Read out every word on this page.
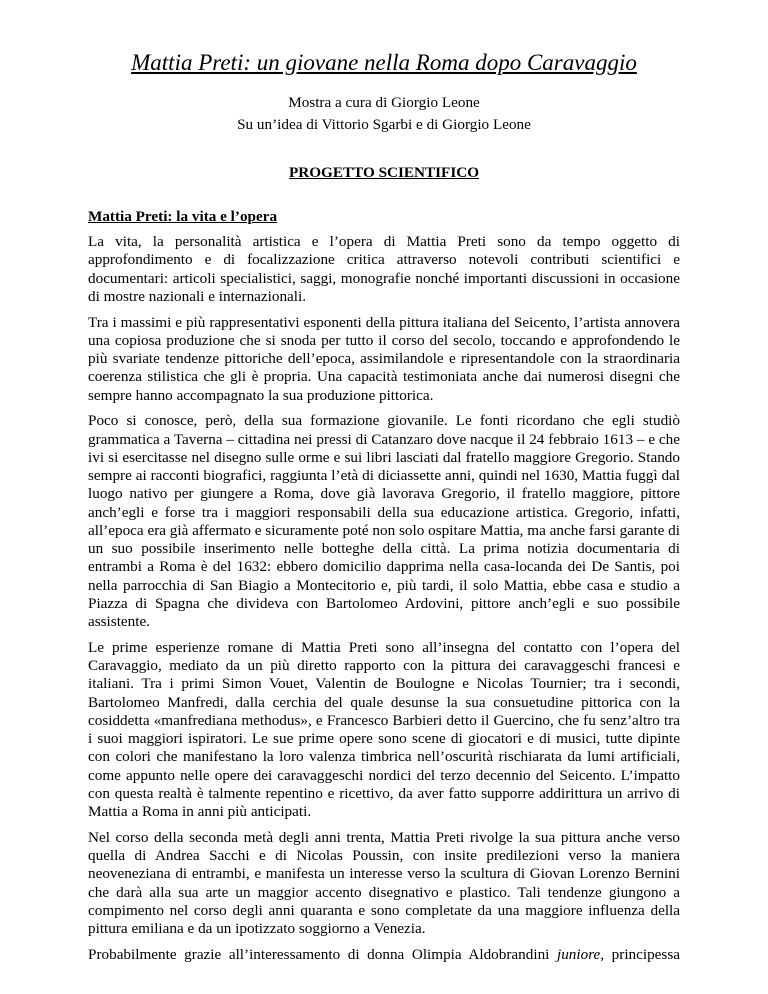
Mattia Preti: un giovane nella Roma dopo Caravaggio
Mostra a cura di Giorgio Leone
Su un’idea di Vittorio Sgarbi e di Giorgio Leone
PROGETTO SCIENTIFICO
Mattia Preti: la vita e l’opera

La vita, la personalità artistica e l’opera di Mattia Preti sono da tempo oggetto di approfondimento e di focalizzazione critica attraverso notevoli contributi scientifici e documentari: articoli specialistici, saggi, monografie nonché importanti discussioni in occasione di mostre nazionali e internazionali.

Tra i massimi e più rappresentativi esponenti della pittura italiana del Seicento, l’artista annovera una copiosa produzione che si snoda per tutto il corso del secolo, toccando e approfondendo le più svariate tendenze pittoriche dell’epoca, assimilandole e ripresentandole con la straordinaria coerenza stilistica che gli è propria. Una capacità testimoniata anche dai numerosi disegni che sempre hanno accompagnato la sua produzione pittorica.

Poco si conosce, però, della sua formazione giovanile. Le fonti ricordano che egli studiò grammatica a Taverna – cittadina nei pressi di Catanzaro dove nacque il 24 febbraio 1613 – e che ivi si esercitasse nel disegno sulle orme e sui libri lasciati dal fratello maggiore Gregorio. Stando sempre ai racconti biografici, raggiunta l’età di diciassette anni, quindi nel 1630, Mattia fuggì dal luogo nativo per giungere a Roma, dove già lavorava Gregorio, il fratello maggiore, pittore anch’egli e forse tra i maggiori responsabili della sua educazione artistica. Gregorio, infatti, all’epoca era già affermato e sicuramente poté non solo ospitare Mattia, ma anche farsi garante di un suo possibile inserimento nelle botteghe della città. La prima notizia documentaria di entrambi a Roma è del 1632: ebbero domicilio dapprima nella casa-locanda dei De Santis, poi nella parrocchia di San Biagio a Montecitorio e, più tardi, il solo Mattia, ebbe casa e studio a Piazza di Spagna che divideva con Bartolomeo Ardovini, pittore anch’egli e suo possibile assistente.

Le prime esperienze romane di Mattia Preti sono all’insegna del contatto con l’opera del Caravaggio, mediato da un più diretto rapporto con la pittura dei caravaggeschi francesi e italiani. Tra i primi Simon Vouet, Valentin de Boulogne e Nicolas Tournier; tra i secondi, Bartolomeo Manfredi, dalla cerchia del quale desunse la sua consuetudine pittorica con la cosiddetta «manfrediana methodus», e Francesco Barbieri detto il Guercino, che fu senz’altro tra i suoi maggiori ispiratori. Le sue prime opere sono scene di giocatori e di musici, tutte dipinte con colori che manifestano la loro valenza timbrica nell’oscurità rischiarata da lumi artificiali, come appunto nelle opere dei caravaggeschi nordici del terzo decennio del Seicento. L’impatto con questa realtà è talmente repentino e ricettivo, da aver fatto supporre addirittura un arrivo di Mattia a Roma in anni più anticipati.

Nel corso della seconda metà degli anni trenta, Mattia Preti rivolge la sua pittura anche verso quella di Andrea Sacchi e di Nicolas Poussin, con insite predilezioni verso la maniera neoveneziana di entrambi, e manifesta un interesse verso la scultura di Giovan Lorenzo Bernini che darà alla sua arte un maggior accento disegnativo e plastico. Tali tendenze giungono a compimento nel corso degli anni quaranta e sono completate da una maggiore influenza della pittura emiliana e da un ipotizzato soggiorno a Venezia.

Probabilmente grazie all’interessamento di donna Olimpia Aldobrandini juniore, principessa
